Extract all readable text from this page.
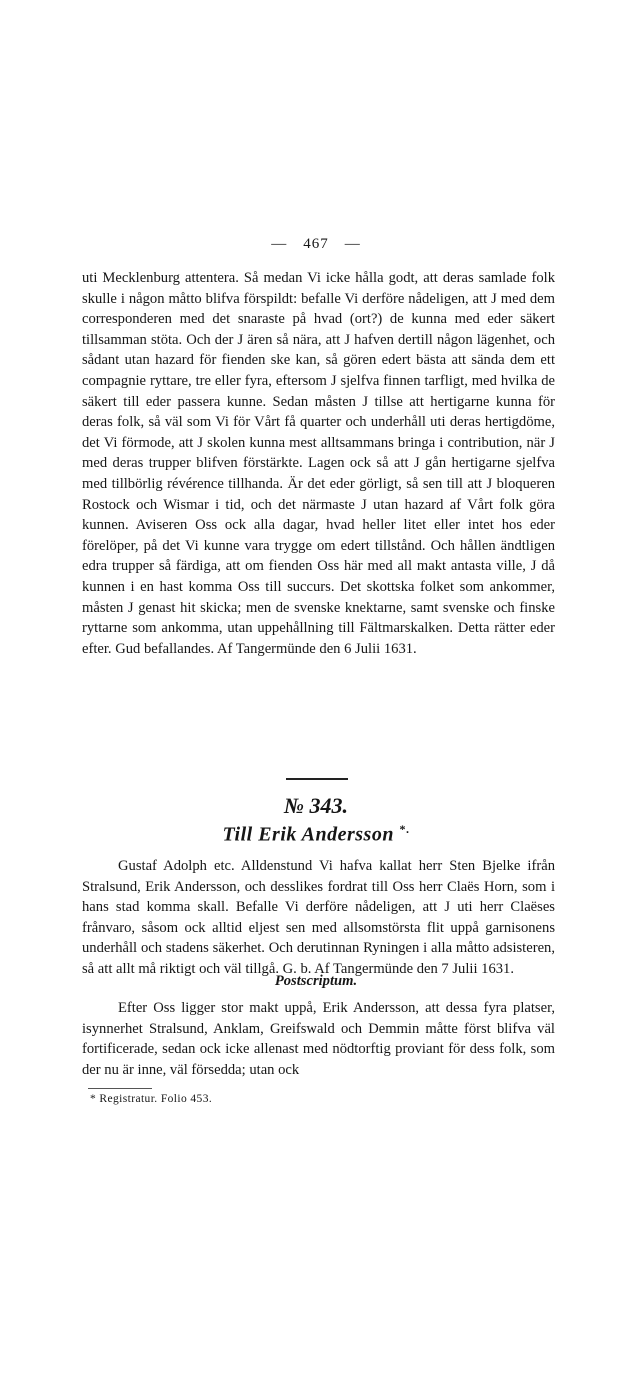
— 467 —

uti Mecklenburg attentera. Så medan Vi icke hålla godt, att deras samlade folk skulle i någon måtto blifva förspildt: befalle Vi derföre nådeligen, att J med dem corresponderen med det snaraste på hvad (ort?) de kunna med eder säkert tillsamman stöta. Och der J ären så nära, att J hafven dertill någon lägenhet, och sådant utan hazard för fienden ske kan, så gören edert bästa att sända dem ett compagnie ryttare, tre eller fyra, eftersom J sjelfva finnen tarfligt, med hvilka de säkert till eder passera kunne. Sedan måsten J tillse att hertigarne kunna för deras folk, så väl som Vi för Vårt få quarter och underhåll uti deras hertigdöme, det Vi förmode, att J skolen kunna mest alltsammans bringa i contribution, när J med deras trupper blifven förstärkte. Lagen ock så att J gån hertigarne sjelfva med tillbörlig révérence tillhanda. Är det eder görligt, så sen till att J bloqueren Rostock och Wismar i tid, och det närmaste J utan hazard af Vårt folk göra kunnen. Aviseren Oss ock alla dagar, hvad heller litet eller intet hos eder förelöper, på det Vi kunne vara trygge om edert tillstånd. Och hållen ändtligen edra trupper så färdiga, att om fienden Oss här med all makt antasta ville, J då kunnen i en hast komma Oss till succurs. Det skottska folket som ankommer, måsten J genast hit skicka; men de svenske knektarne, samt svenske och finske ryttarne som ankomma, utan uppehållning till Fältmarskalken. Detta rätter eder efter. Gud befallandes. Af Tangermünde den 6 Julii 1631.

№ 343.
Till Erik Andersson *.

Gustaf Adolph etc. Alldenstund Vi hafva kallat herr Sten Bjelke ifrån Stralsund, Erik Andersson, och desslikes fordrat till Oss herr Claës Horn, som i hans stad komma skall. Befalle Vi derföre nådeligen, att J uti herr Claëses frånvaro, såsom ock alltid eljest sen med allsomstörsta flit uppå garnisonens underhåll och stadens säkerhet. Och derutinnan Ryningen i alla måtto adsisteren, så att allt må riktigt och väl tillgå. G. b. Af Tangermünde den 7 Julii 1631.

Postscriptum.

Efter Oss ligger stor makt uppå, Erik Andersson, att dessa fyra platser, isynnerhet Stralsund, Anklam, Greifswald och Demmin måtte först blifva väl fortificerade, sedan ock icke allenast med nödtorftig proviant för dess folk, som der nu är inne, väl försedda; utan ock

* Registratur. Folio 453.
